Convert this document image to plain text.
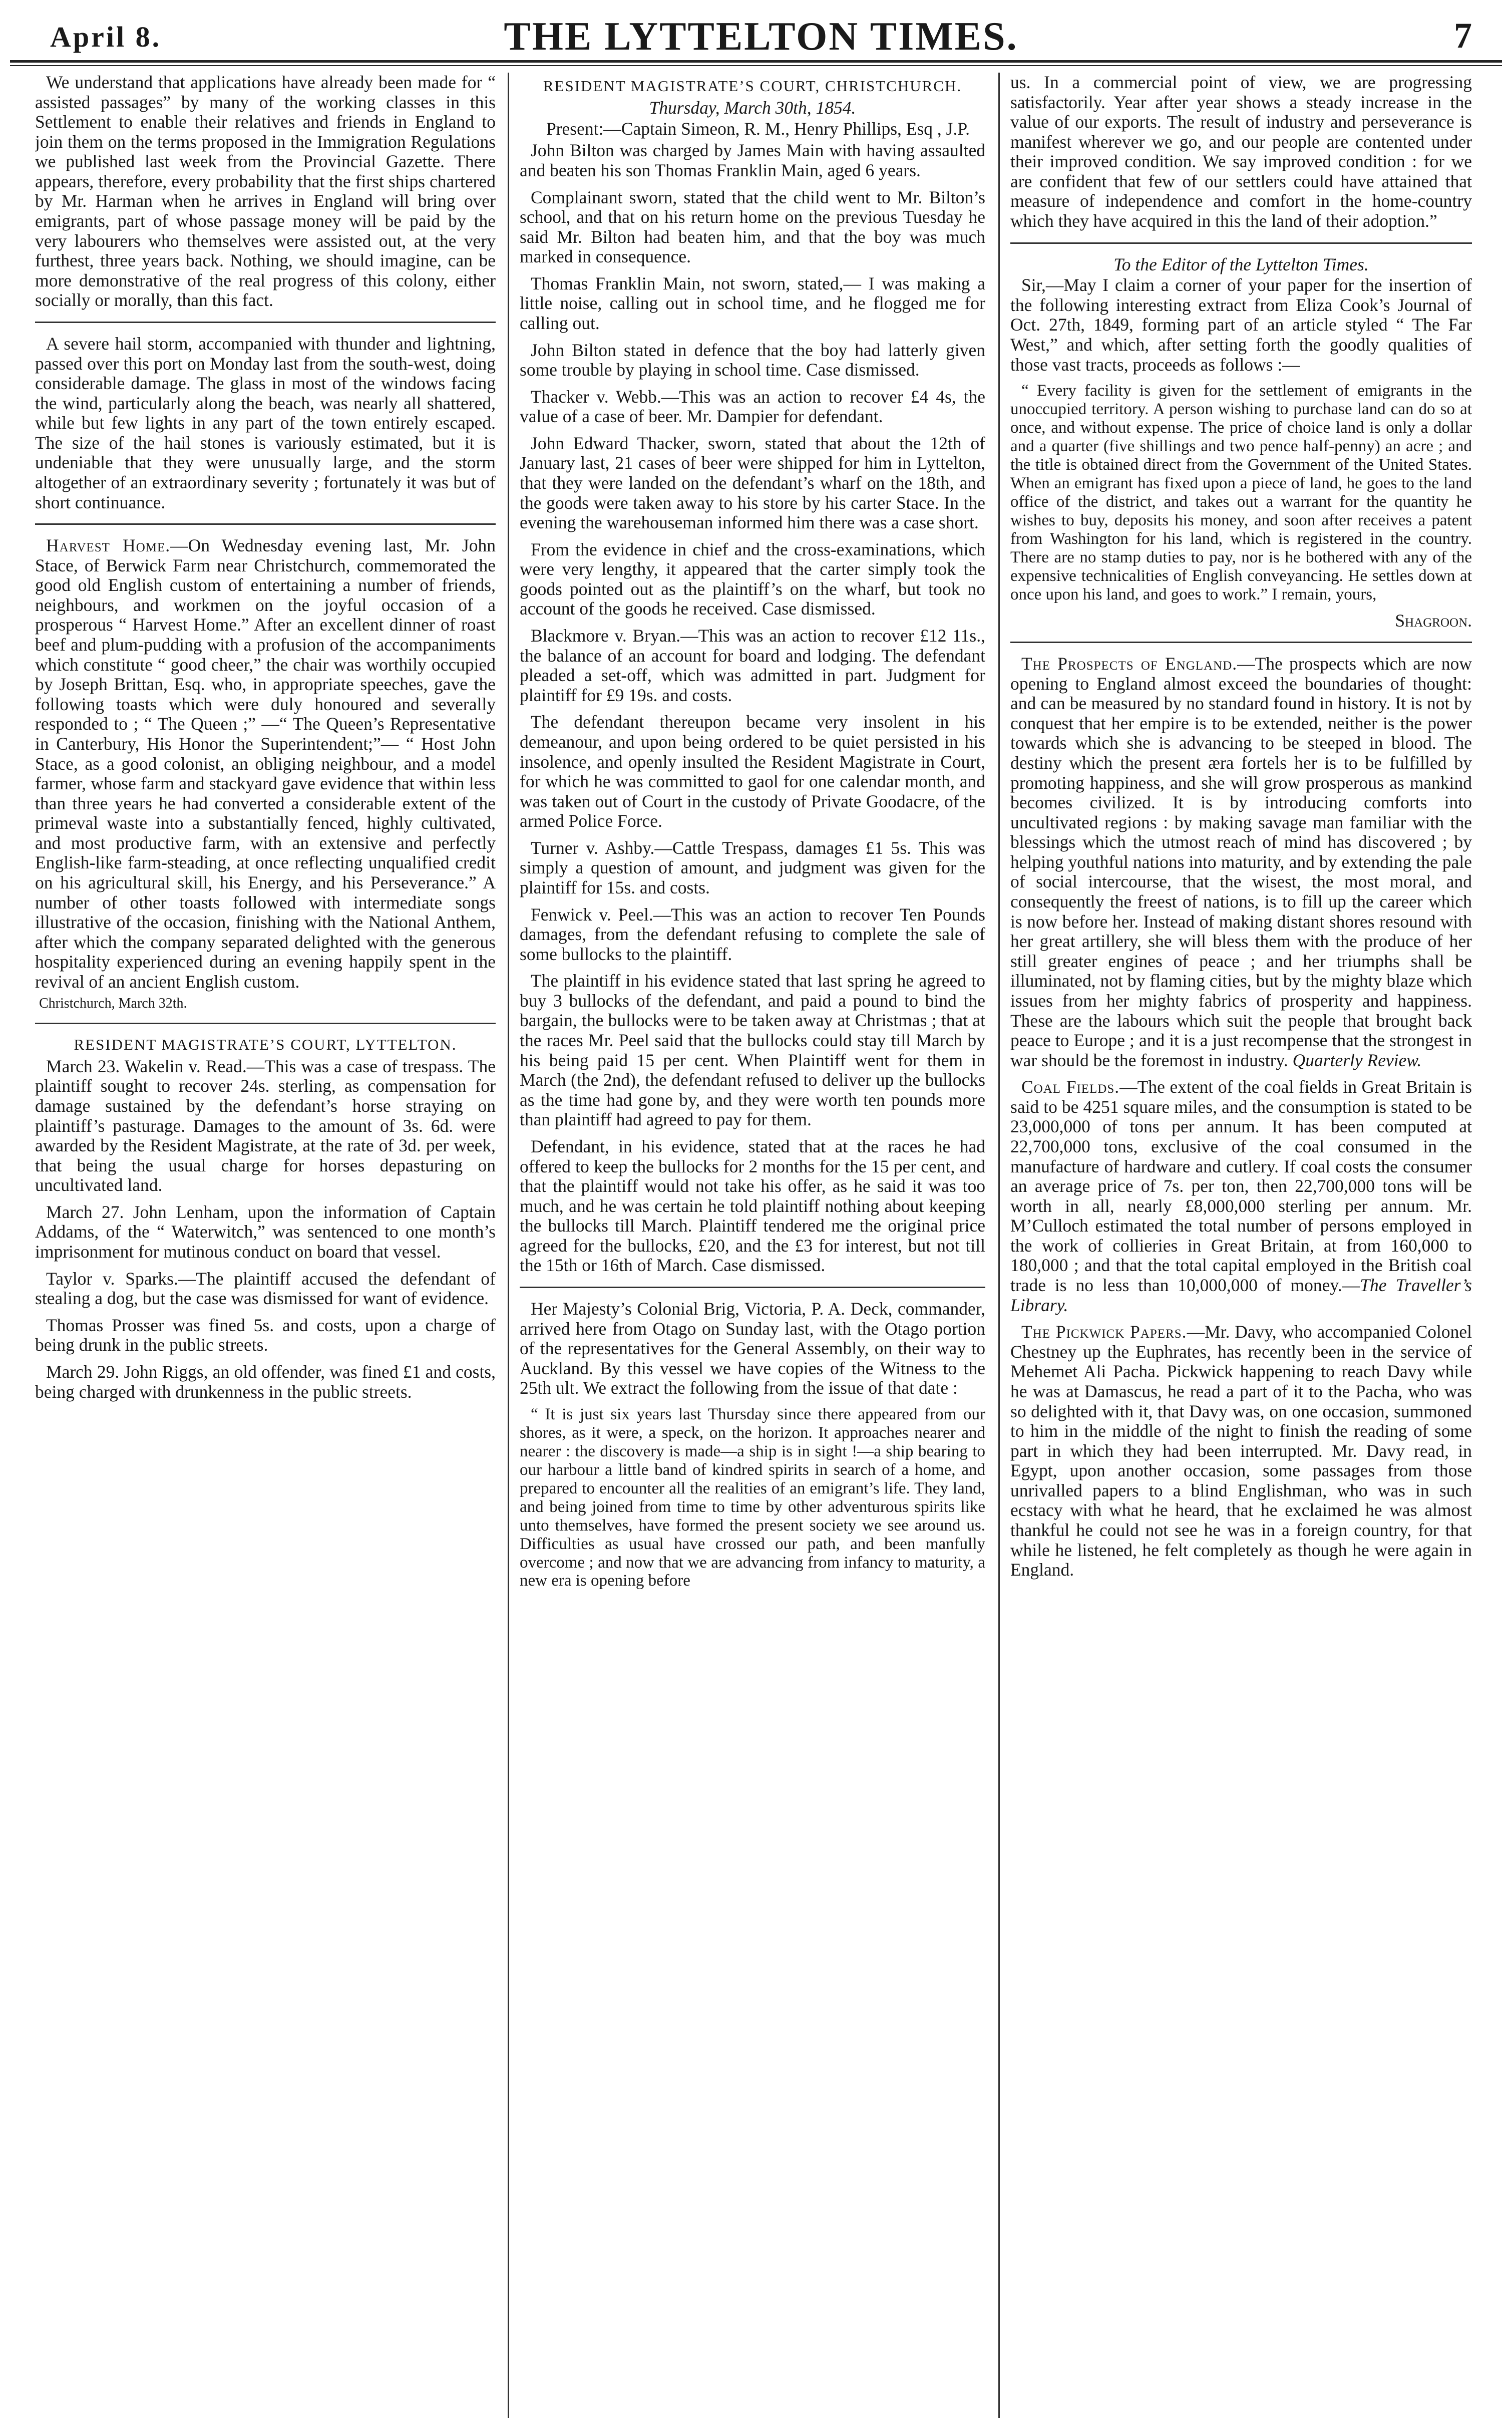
April 8.	THE LYTTELTON TIMES.	7

We understand that applications have already been made for “ assisted passages” by many of the working classes in this Settlement to enable their relatives and friends in England to join them on the terms proposed in the Immigration Regulations we published last week from the Provincial Gazette. There appears, therefore, every probability that the first ships chartered by Mr. Harman when he arrives in England will bring over emigrants, part of whose passage money will be paid by the very labourers who themselves were assisted out, at the very furthest, three years back. Nothing, we should imagine, can be more demonstrative of the real progress of this colony, either socially or morally, than this fact.

A severe hail storm, accompanied with thunder and lightning, passed over this port on Monday last from the south-west, doing considerable damage. The glass in most of the windows facing the wind, particularly along the beach, was nearly all shattered, while but few lights in any part of the town entirely escaped. The size of the hail stones is variously estimated, but it is undeniable that they were unusually large, and the storm altogether of an extraordinary severity ; fortunately it was but of short continuance.

Harvest Home.—On Wednesday evening last, Mr. John Stace, of Berwick Farm near Christchurch, commemorated the good old English custom of entertaining a number of friends, neighbours, and workmen on the joyful occasion of a prosperous “ Harvest Home.” After an excellent dinner of roast beef and plum-pudding with a profusion of the accompaniments which constitute “ good cheer,” the chair was worthily occupied by Joseph Brittan, Esq. who, in appropriate speeches, gave the following toasts which were duly honoured and severally responded to ; “ The Queen ;” —“ The Queen’s Representative in Canterbury, His Honor the Superintendent;”— “ Host John Stace, as a good colonist, an obliging neighbour, and a model farmer, whose farm and stackyard gave evidence that within less than three years he had converted a considerable extent of the primeval waste into a substantially fenced, highly cultivated, and most productive farm, with an extensive and perfectly English-like farm-steading, at once reflecting unqualified credit on his agricultural skill, his Energy, and his Perseverance.” A number of other toasts followed with intermediate songs illustrative of the occasion, finishing with the National Anthem, after which the company separated delighted with the generous hospitality experienced during an evening happily spent in the revival of an ancient English custom.

Christchurch, March 32th.
RESIDENT MAGISTRATE’S COURT, LYTTELTON.

March 23. Wakelin v. Read.—This was a case of trespass. The plaintiff sought to recover 24s. sterling, as compensation for damage sustained by the defendant’s horse straying on plaintiff’s pasturage. Damages to the amount of 3s. 6d. were awarded by the Resident Magistrate, at the rate of 3d. per week, that being the usual charge for horses depasturing on uncultivated land.

March 27. John Lenham, upon the information of Captain Addams, of the “ Waterwitch,” was sentenced to one month’s imprisonment for mutinous conduct on board that vessel.

Taylor v. Sparks.—The plaintiff accused the defendant of stealing a dog, but the case was dismissed for want of evidence.

Thomas Prosser was fined 5s. and costs, upon a charge of being drunk in the public streets.

March 29. John Riggs, an old offender, was fined £1 and costs, being charged with drunkenness in the public streets.

RESIDENT MAGISTRATE’S COURT, CHRISTCHURCH.
Thursday, March 30th, 1854.

Present:—Captain Simeon, R. M., Henry Phillips, Esq , J.P.

John Bilton was charged by James Main with having assaulted and beaten his son Thomas Franklin Main, aged 6 years.

Complainant sworn, stated that the child went to Mr. Bilton’s school, and that on his return home on the previous Tuesday he said Mr. Bilton had beaten him, and that the boy was much marked in consequence.

Thomas Franklin Main, not sworn, stated,— I was making a little noise, calling out in school time, and he flogged me for calling out.

John Bilton stated in defence that the boy had latterly given some trouble by playing in school time. Case dismissed.

Thacker v. Webb.—This was an action to recover £4 4s, the value of a case of beer. Mr. Dampier for defendant.

John Edward Thacker, sworn, stated that about the 12th of January last, 21 cases of beer were shipped for him in Lyttelton, that they were landed on the defendant’s wharf on the 18th, and the goods were taken away to his store by his carter Stace. In the evening the warehouseman informed him there was a case short.

From the evidence in chief and the cross-examinations, which were very lengthy, it appeared that the carter simply took the goods pointed out as the plaintiff’s on the wharf, but took no account of the goods he received. Case dismissed.

Blackmore v. Bryan.—This was an action to recover £12 11s., the balance of an account for board and lodging. The defendant pleaded a set-off, which was admitted in part. Judgment for plaintiff for £9 19s. and costs.

The defendant thereupon became very insolent in his demeanour, and upon being ordered to be quiet persisted in his insolence, and openly insulted the Resident Magistrate in Court, for which he was committed to gaol for one calendar month, and was taken out of Court in the custody of Private Goodacre, of the armed Police Force.

Turner v. Ashby.—Cattle Trespass, damages £1 5s. This was simply a question of amount, and judgment was given for the plaintiff for 15s. and costs.

Fenwick v. Peel.—This was an action to recover Ten Pounds damages, from the defendant refusing to complete the sale of some bullocks to the plaintiff.

The plaintiff in his evidence stated that last spring he agreed to buy 3 bullocks of the defendant, and paid a pound to bind the bargain, the bullocks were to be taken away at Christmas ; that at the races Mr. Peel said that the bullocks could stay till March by his being paid 15 per cent. When Plaintiff went for them in March (the 2nd), the defendant refused to deliver up the bullocks as the time had gone by, and they were worth ten pounds more than plaintiff had agreed to pay for them.

Defendant, in his evidence, stated that at the races he had offered to keep the bullocks for 2 months for the 15 per cent, and that the plaintiff would not take his offer, as he said it was too much, and he was certain he told plaintiff nothing about keeping the bullocks till March. Plaintiff tendered me the original price agreed for the bullocks, £20, and the £3 for interest, but not till the 15th or 16th of March. Case dismissed.

Her Majesty’s Colonial Brig, Victoria, P. A. Deck, commander, arrived here from Otago on Sunday last, with the Otago portion of the representatives for the General Assembly, on their way to Auckland. By this vessel we have copies of the Witness to the 25th ult. We extract the following from the issue of that date :

“ It is just six years last Thursday since there appeared from our shores, as it were, a speck, on the horizon. It approaches nearer and nearer : the discovery is made—a ship is in sight !—a ship bearing to our harbour a little band of kindred spirits in search of a home, and prepared to encounter all the realities of an emigrant’s life. They land, and being joined from time to time by other adventurous spirits like unto themselves, have formed the present society we see around us. Difficulties as usual have crossed our path, and been manfully overcome ; and now that we are advancing from infancy to maturity, a new era is opening before

us. In a commercial point of view, we are progressing satisfactorily. Year after year shows a steady increase in the value of our exports. The result of industry and perseverance is manifest wherever we go, and our people are contented under their improved condition. We say improved condition : for we are confident that few of our settlers could have attained that measure of independence and comfort in the home-country which they have acquired in this the land of their adoption.”

To the Editor of the Lyttelton Times.

Sir,—May I claim a corner of your paper for the insertion of the following interesting extract from Eliza Cook’s Journal of Oct. 27th, 1849, forming part of an article styled “ The Far West,” and which, after setting forth the goodly qualities of those vast tracts, proceeds as follows :—

“ Every facility is given for the settlement of emigrants in the unoccupied territory. A person wishing to purchase land can do so at once, and without expense. The price of choice land is only a dollar and a quarter (five shillings and two pence half-penny) an acre ; and the title is obtained direct from the Government of the United States. When an emigrant has fixed upon a piece of land, he goes to the land office of the district, and takes out a warrant for the quantity he wishes to buy, deposits his money, and soon after receives a patent from Washington for his land, which is registered in the country. There are no stamp duties to pay, nor is he bothered with any of the expensive technicalities of English conveyancing. He settles down at once upon his land, and goes to work.” I remain, yours,

Shagroon.

The Prospects of England.—The prospects which are now opening to England almost exceed the boundaries of thought: and can be measured by no standard found in history. It is not by conquest that her empire is to be extended, neither is the power towards which she is advancing to be steeped in blood. The destiny which the present æra fortels her is to be fulfilled by promoting happiness, and she will grow prosperous as mankind becomes civilized. It is by introducing comforts into uncultivated regions : by making savage man familiar with the blessings which the utmost reach of mind has discovered ; by helping youthful nations into maturity, and by extending the pale of social intercourse, that the wisest, the most moral, and consequently the freest of nations, is to fill up the career which is now before her. Instead of making distant shores resound with her great artillery, she will bless them with the produce of her still greater engines of peace ; and her triumphs shall be illuminated, not by flaming cities, but by the mighty blaze which issues from her mighty fabrics of prosperity and happiness. These are the labours which suit the people that brought back peace to Europe ; and it is a just recompense that the strongest in war should be the foremost in industry. Quarterly Review.

Coal Fields.—The extent of the coal fields in Great Britain is said to be 4251 square miles, and the consumption is stated to be 23,000,000 of tons per annum. It has been computed at 22,700,000 tons, exclusive of the coal consumed in the manufacture of hardware and cutlery. If coal costs the consumer an average price of 7s. per ton, then 22,700,000 tons will be worth in all, nearly £8,000,000 sterling per annum. Mr. M’Culloch estimated the total number of persons employed in the work of collieries in Great Britain, at from 160,000 to 180,000 ; and that the total capital employed in the British coal trade is no less than 10,000,000 of money.—The Traveller’s Library.

The Pickwick Papers.—Mr. Davy, who accompanied Colonel Chestney up the Euphrates, has recently been in the service of Mehemet Ali Pacha. Pickwick happening to reach Davy while he was at Damascus, he read a part of it to the Pacha, who was so delighted with it, that Davy was, on one occasion, summoned to him in the middle of the night to finish the reading of some part in which they had been interrupted. Mr. Davy read, in Egypt, upon another occasion, some passages from those unrivalled papers to a blind Englishman, who was in such ecstacy with what he heard, that he exclaimed he was almost thankful he could not see he was in a foreign country, for that while he listened, he felt completely as though he were again in England.
